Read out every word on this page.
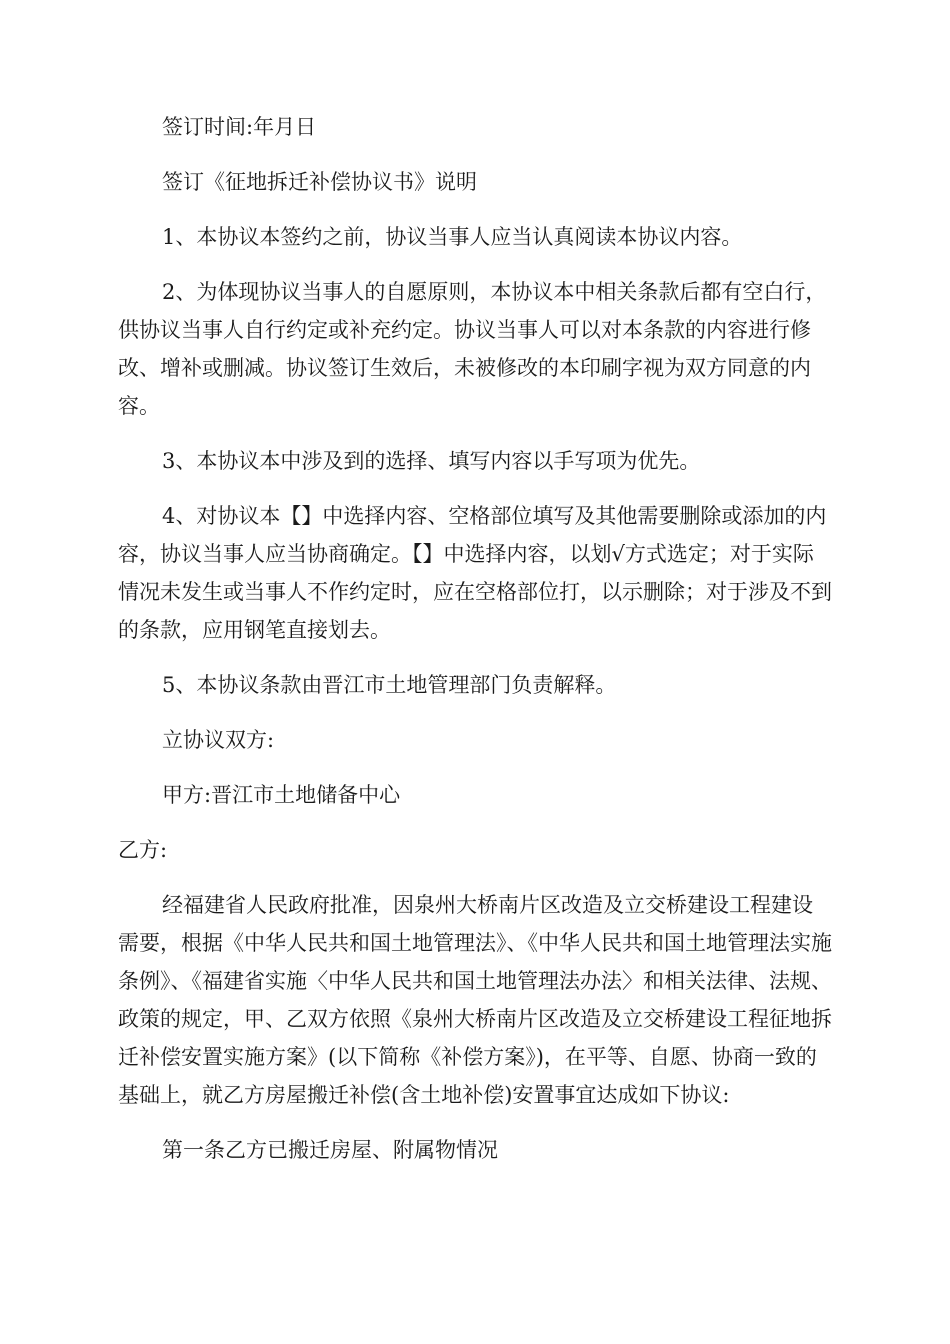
签订时间:年月日

签订《征地拆迁补偿协议书》说明

1、本协议本签约之前，协议当事人应当认真阅读本协议内容。

2、为体现协议当事人的自愿原则，本协议本中相关条款后都有空白行，供协议当事人自行约定或补充约定。协议当事人可以对本条款的内容进行修改、增补或删减。协议签订生效后，未被修改的本印刷字视为双方同意的内容。

3、本协议本中涉及到的选择、填写内容以手写项为优先。

4、对协议本【】中选择内容、空格部位填写及其他需要删除或添加的内容，协议当事人应当协商确定。【】中选择内容，以划√方式选定；对于实际情况未发生或当事人不作约定时，应在空格部位打，以示删除；对于涉及不到的条款，应用钢笔直接划去。

5、本协议条款由晋江市土地管理部门负责解释。

立协议双方:

甲方:晋江市土地储备中心

乙方:

经福建省人民政府批准，因泉州大桥南片区改造及立交桥建设工程建设需要，根据《中华人民共和国土地管理法》、《中华人民共和国土地管理法实施条例》、《福建省实施〈中华人民共和国土地管理法办法〉和相关法律、法规、政策的规定，甲、乙双方依照《泉州大桥南片区改造及立交桥建设工程征地拆迁补偿安置实施方案》(以下简称《补偿方案》)，在平等、自愿、协商一致的基础上，就乙方房屋搬迁补偿(含土地补偿)安置事宜达成如下协议:

第一条乙方已搬迁房屋、附属物情况
